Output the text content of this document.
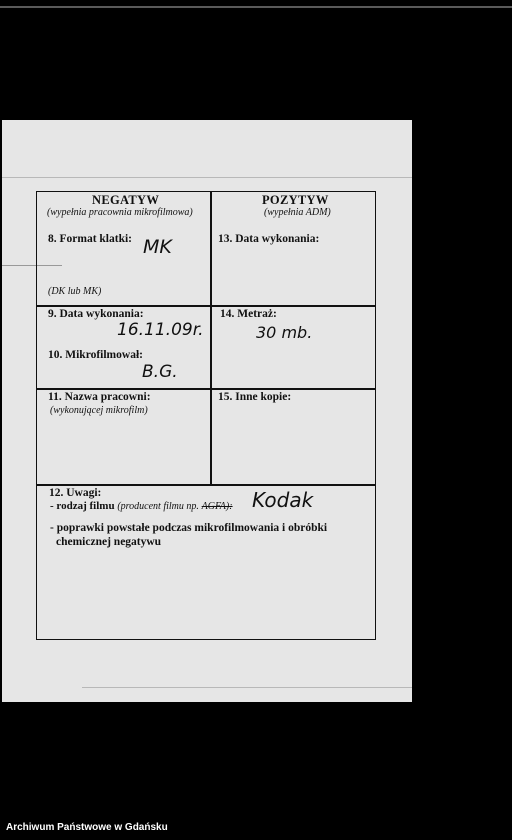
NEGATYW
(wypełnia pracownia mikrofilmowa)
8. Format klatki: MK
(DK lub MK)
9. Data wykonania:
16.11.09r.
10. Mikrofilmował:
B.G.
11. Nazwa pracowni:
(wykonującej mikrofilm)
POZYTYW
(wypełnia ADM)
13. Data wykonania:
14. Metraż:
30 mb.
15. Inne kopie:
12. Uwagi:
- rodzaj filmu (producent filmu np. AGFA): Kodak
- poprawki powstałe podczas mikrofilmowania i obróbki
chemicznej negatywu
Archiwum Państwowe w Gdańsku
